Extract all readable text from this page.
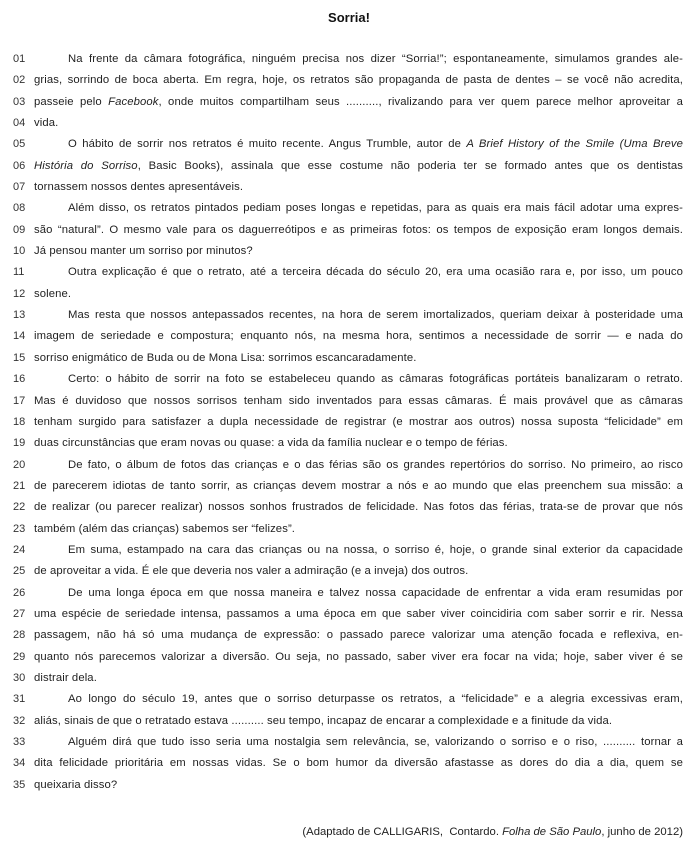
Sorria!
01	Na frente da câmara fotográfica, ninguém precisa nos dizer “Sorria!”; espontaneamente, simulamos grandes ale-
02 grias, sorrindo de boca aberta. Em regra, hoje, os retratos são propaganda de pasta de dentes – se você não acredita,
03 passeie pelo Facebook, onde muitos compartilham seus .........., rivalizando para ver quem parece melhor aproveitar a
04 vida.
05	O hábito de sorrir nos retratos é muito recente. Angus Trumble, autor de A Brief History of the Smile (Uma Breve
06 História do Sorriso, Basic Books), assinala que esse costume não poderia ter se formado antes que os dentistas
07 tornassem nossos dentes apresentáveis.
08	Além disso, os retratos pintados pediam poses longas e repetidas, para as quais era mais fácil adotar uma expres-
09 são “natural”. O mesmo vale para os daguerreótipos e as primeiras fotos: os tempos de exposição eram longos demais.
10 Já pensou manter um sorriso por minutos?
11	Outra explicação é que o retrato, até a terceira década do século 20, era uma ocasião rara e, por isso, um pouco
12 solene.
13	Mas resta que nossos antepassados recentes, na hora de serem imortalizados, queriam deixar à posteridade uma
14 imagem de seriedade e compostura; enquanto nós, na mesma hora, sentimos a necessidade de sorrir — e nada do
15 sorriso enigmático de Buda ou de Mona Lisa: sorrimos escancaradamente.
16	Certo: o hábito de sorrir na foto se estabeleceu quando as câmaras fotográficas portáteis banalizaram o retrato.
17 Mas é duvidoso que nossos sorrisos tenham sido inventados para essas câmaras. É mais provável que as câmaras
18 tenham surgido para satisfazer a dupla necessidade de registrar (e mostrar aos outros) nossa suposta “felicidade” em
19 duas circunstâncias que eram novas ou quase: a vida da família nuclear e o tempo de férias.
20	De fato, o álbum de fotos das crianças e o das férias são os grandes repertórios do sorriso. No primeiro, ao risco
21 de parecerem idiotas de tanto sorrir, as crianças devem mostrar a nós e ao mundo que elas preenchem sua missão: a
22 de realizar (ou parecer realizar) nossos sonhos frustrados de felicidade. Nas fotos das férias, trata-se de provar que nós
23 também (além das crianças) sabemos ser “felizes”.
24	Em suma, estampado na cara das crianças ou na nossa, o sorriso é, hoje, o grande sinal exterior da capacidade
25 de aproveitar a vida. É ele que deveria nos valer a admiração (e a inveja) dos outros.
26	De uma longa época em que nossa maneira e talvez nossa capacidade de enfrentar a vida eram resumidas por
27 uma espécie de seriedade intensa, passamos a uma época em que saber viver coincidiria com saber sorrir e rir. Nessa
28 passagem, não há só uma mudança de expressão: o passado parece valorizar uma atenção focada e reflexiva, en-
29 quanto nós parecemos valorizar a diversão. Ou seja, no passado, saber viver era focar na vida; hoje, saber viver é se
30 distrair dela.
31	Ao longo do século 19, antes que o sorriso deturpasse os retratos, a “felicidade” e a alegria excessivas eram,
32 aliás, sinais de que o retratado estava .......... seu tempo, incapaz de encarar a complexidade e a finitude da vida.
33	Alguém dirá que tudo isso seria uma nostalgia sem relevância, se, valorizando o sorriso e o riso, .......... tornar a
34 dita felicidade prioritária em nossas vidas. Se o bom humor da diversão afastasse as dores do dia a dia, quem se
35 queixaria disso?
(Adaptado de CALLIGARIS,  Contardo. Folha de São Paulo, junho de 2012)
